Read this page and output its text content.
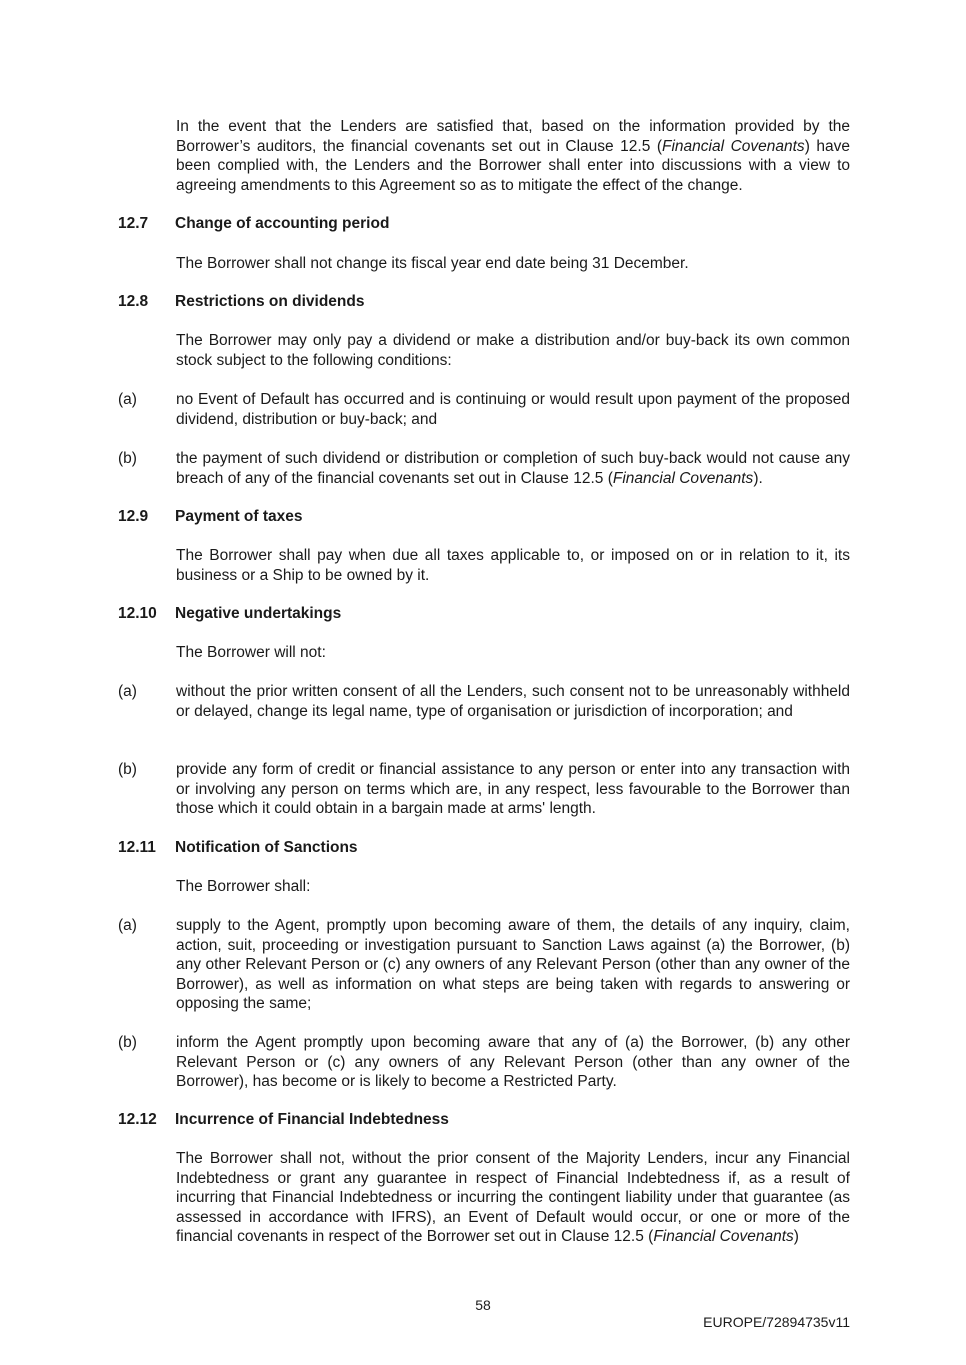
In the event that the Lenders are satisfied that, based on the information provided by the Borrower’s auditors, the financial covenants set out in Clause 12.5 (Financial Covenants) have been complied with, the Lenders and the Borrower shall enter into discussions with a view to agreeing amendments to this Agreement so as to mitigate the effect of the change.

12.7 Change of accounting period

The Borrower shall not change its fiscal year end date being 31 December.

12.8 Restrictions on dividends

The Borrower may only pay a dividend or make a distribution and/or buy-back its own common stock subject to the following conditions:

(a)	no Event of Default has occurred and is continuing or would result upon payment of the proposed dividend, distribution or buy-back; and
(b)	the payment of such dividend or distribution or completion of such buy-back would not cause any breach of any of the financial covenants set out in Clause 12.5 (Financial Covenants).

12.9 Payment of taxes

The Borrower shall pay when due all taxes applicable to, or imposed on or in relation to it, its business or a Ship to be owned by it.

12.10 Negative undertakings

The Borrower will not:

(a)	without the prior written consent of all the Lenders, such consent not to be unreasonably withheld or delayed, change its legal name, type of organisation or jurisdiction of incorporation; and
(b)	provide any form of credit or financial assistance to any person or enter into any transaction with or involving any person on terms which are, in any respect, less favourable to the Borrower than those which it could obtain in a bargain made at arms' length.

12.11 Notification of Sanctions

The Borrower shall:

(a)	supply to the Agent, promptly upon becoming aware of them, the details of any inquiry, claim, action, suit, proceeding or investigation pursuant to Sanction Laws against (a) the Borrower, (b) any other Relevant Person or (c) any owners of any Relevant Person (other than any owner of the Borrower), as well as information on what steps are being taken with regards to answering or opposing the same;
(b)	inform the Agent promptly upon becoming aware that any of (a) the Borrower, (b) any other Relevant Person or (c) any owners of any Relevant Person (other than any owner of the Borrower), has become or is likely to become a Restricted Party.

12.12 Incurrence of Financial Indebtedness

The Borrower shall not, without the prior consent of the Majority Lenders, incur any Financial Indebtedness or grant any guarantee in respect of Financial Indebtedness if, as a result of incurring that Financial Indebtedness or incurring the contingent liability under that guarantee (as assessed in accordance with IFRS), an Event of Default would occur, or one or more of the financial covenants in respect of the Borrower set out in Clause 12.5 (Financial Covenants)

58
EUROPE/72894735v11
